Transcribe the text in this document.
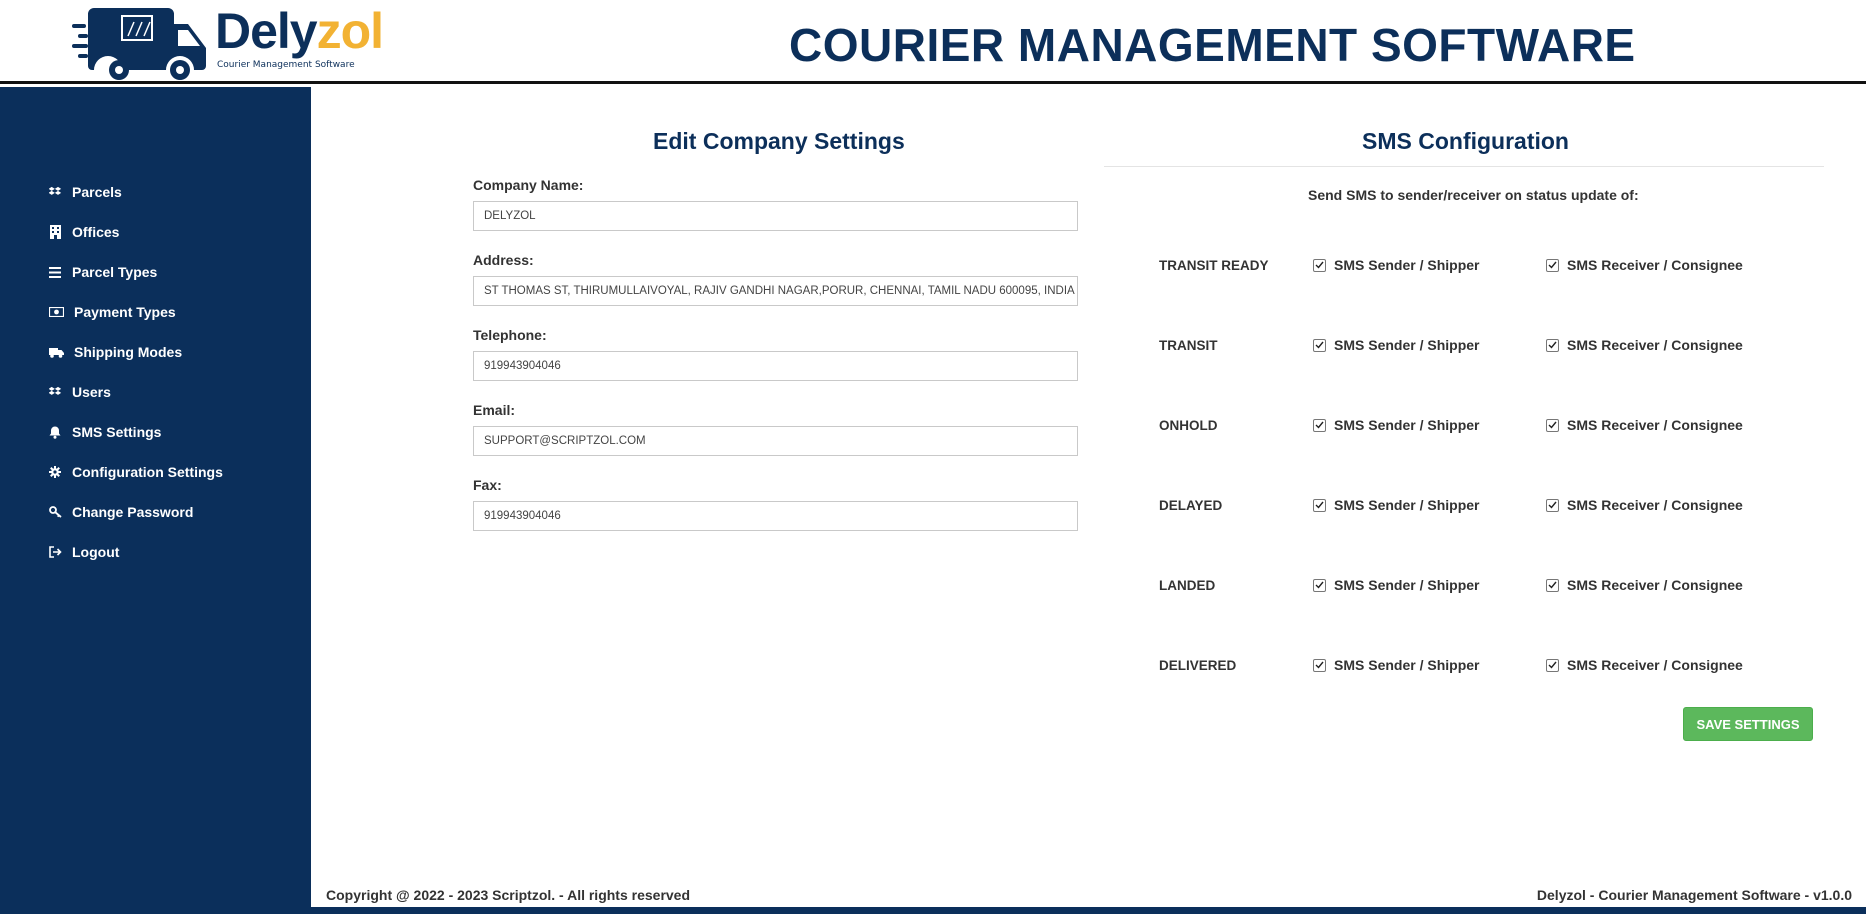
Delyzol
Courier Management Software	COURIER MANAGEMENT SOFTWARE
Parcels
Offices
Parcel Types
Payment Types
Shipping Modes
Users
SMS Settings
Configuration Settings
Change Password
Logout
Edit Company Settings
Company Name:
DELYZOL
Address:
ST THOMAS ST, THIRUMULLAIVOYAL, RAJIV GANDHI NAGAR,PORUR, CHENNAI, TAMIL NADU 600095, INDIA
Telephone:
919943904046
Email:
SUPPORT@SCRIPTZOL.COM
Fax:
919943904046
SMS Configuration
Send SMS to sender/receiver on status update of:
TRANSIT READY	SMS Sender / Shipper	SMS Receiver / Consignee
TRANSIT	SMS Sender / Shipper	SMS Receiver / Consignee
ONHOLD	SMS Sender / Shipper	SMS Receiver / Consignee
DELAYED	SMS Sender / Shipper	SMS Receiver / Consignee
LANDED	SMS Sender / Shipper	SMS Receiver / Consignee
DELIVERED	SMS Sender / Shipper	SMS Receiver / Consignee
SAVE SETTINGS
Copyright @ 2022 - 2023 Scriptzol. - All rights reserved	Delyzol - Courier Management Software - v1.0.0
